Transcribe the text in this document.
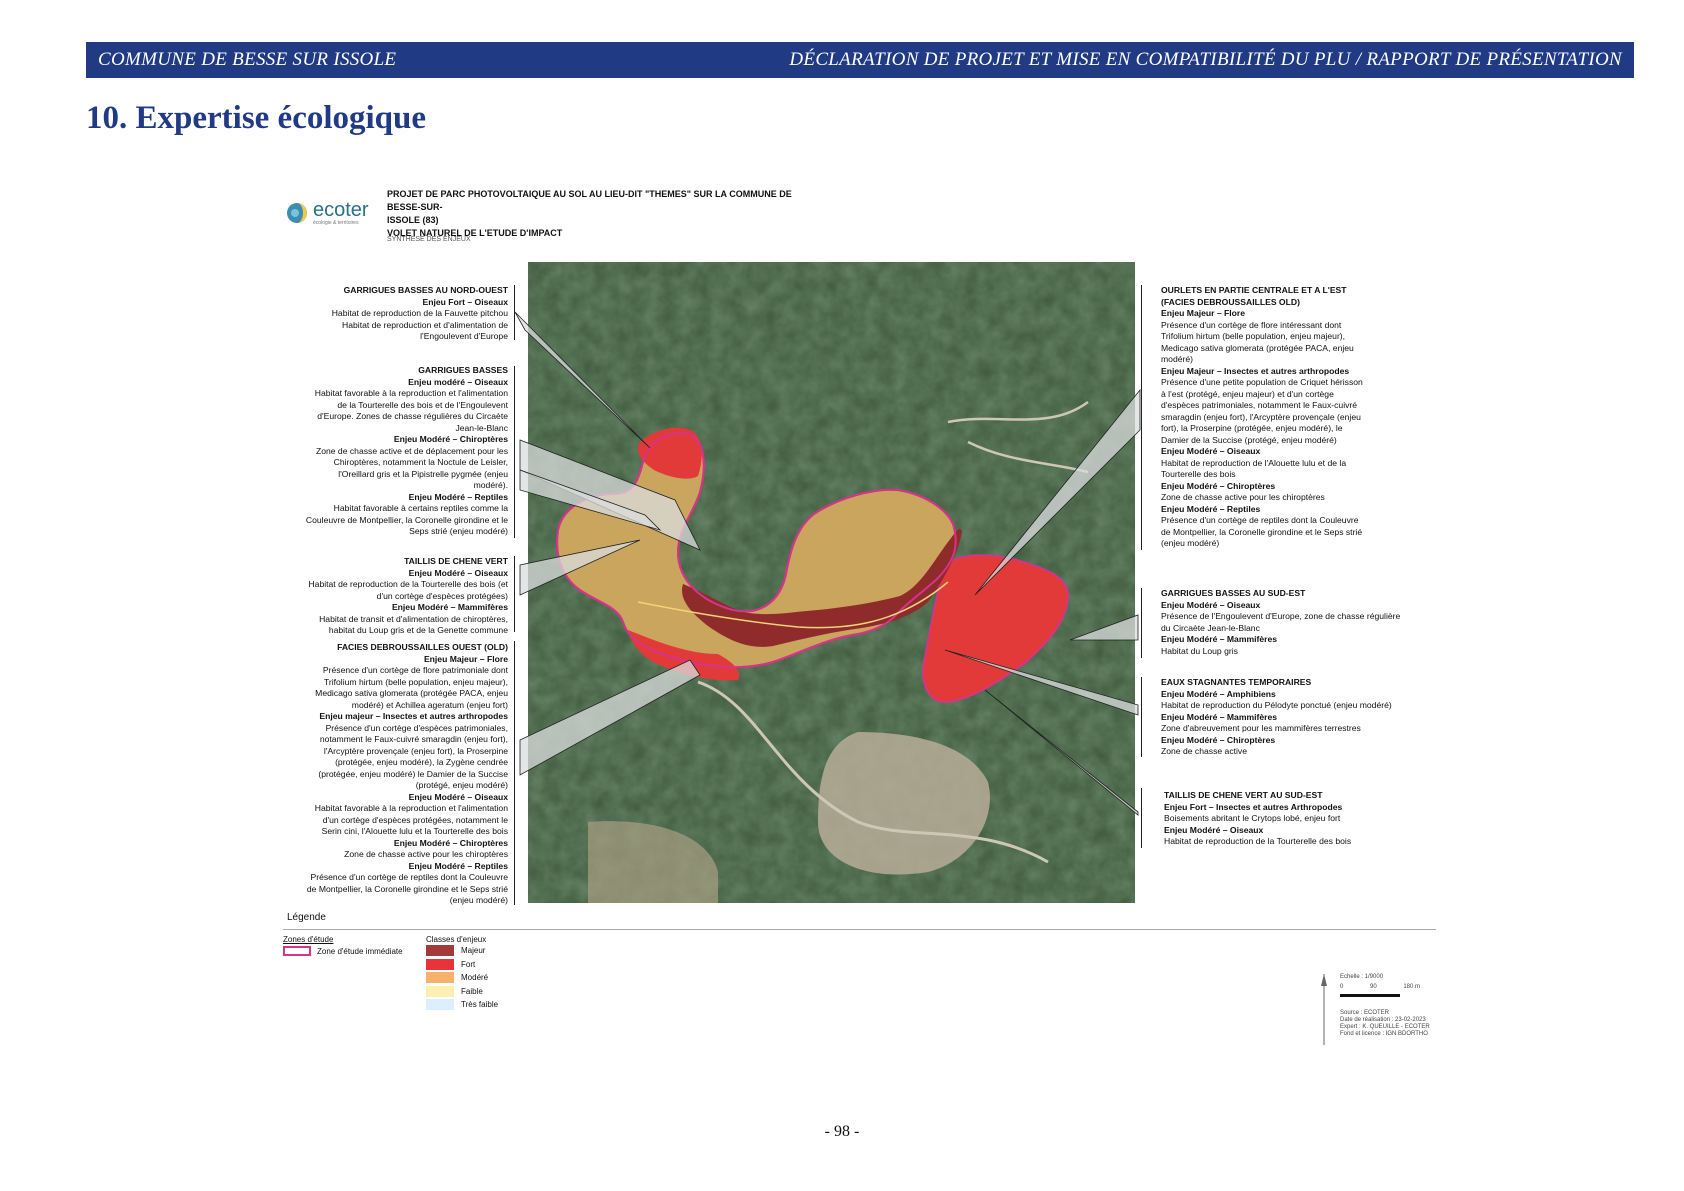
COMMUNE DE BESSE SUR ISSOLE	DÉCLARATION DE PROJET ET MISE EN COMPATIBILITÉ DU PLU / RAPPORT DE PRÉSENTATION
10. Expertise écologique
ecoter
écologie & territoires
PROJET DE PARC PHOTOVOLTAIQUE AU SOL AU LIEU-DIT "THEMES" SUR LA COMMUNE DE BESSE-SUR-
ISSOLE (83)
VOLET NATUREL DE L'ETUDE D'IMPACT
SYNTHESE DES ENJEUX
GARRIGUES BASSES AU NORD-OUEST
Enjeu Fort – Oiseaux
Habitat de reproduction de la Fauvette pitchou
Habitat de reproduction et d'alimentation de
l'Engoulevent d'Europe
GARRIGUES BASSES
Enjeu modéré – Oiseaux
Habitat favorable à la reproduction et l'alimentation
de la Tourterelle des bois et de l'Engoulevent
d'Europe. Zones de chasse régulières du Circaète
Jean-le-Blanc
Enjeu Modéré – Chiroptères
Zone de chasse active et de déplacement pour les
Chiroptères, notamment la Noctule de Leisler,
l'Oreillard gris et la Pipistrelle pygmée (enjeu
modéré).
Enjeu Modéré – Reptiles
Habitat favorable à certains reptiles comme la
Couleuvre de Montpellier, la Coronelle girondine et le
Seps strié (enjeu modéré)
TAILLIS DE CHENE VERT
Enjeu Modéré – Oiseaux
Habitat de reproduction de la Tourterelle des bois (et
d'un cortège d'espèces protégées)
Enjeu Modéré – Mammifères
Habitat de transit et d'alimentation de chiroptères,
habitat du Loup gris et de la Genette commune
FACIES DEBROUSSAILLES OUEST (OLD)
Enjeu Majeur – Flore
Présence d'un cortège de flore patrimoniale dont
Trifolium hirtum (belle population, enjeu majeur),
Medicago sativa glomerata (protégée PACA, enjeu
modéré) et Achillea ageratum (enjeu fort)
Enjeu majeur – Insectes et autres arthropodes
Présence d'un cortège d'espèces patrimoniales,
notamment le Faux-cuivré smaragdin (enjeu fort),
l'Arcyptère provençale (enjeu fort), la Proserpine
(protégée, enjeu modéré), la Zygène cendrée
(protégée, enjeu modéré) le Damier de la Succise
(protégé, enjeu modéré)
Enjeu Modéré – Oiseaux
Habitat favorable à la reproduction et l'alimentation
d'un cortège d'espèces protégées, notamment le
Serin cini, l'Alouette lulu et la Tourterelle des bois
Enjeu Modéré – Chiroptères
Zone de chasse active pour les chiroptères
Enjeu Modéré – Reptiles
Présence d'un cortège de reptiles dont la Couleuvre
de Montpellier, la Coronelle girondine et le Seps strié
(enjeu modéré)
OURLETS EN PARTIE CENTRALE ET A L'EST
(FACIES DEBROUSSAILLES OLD)
Enjeu Majeur – Flore
Présence d'un cortège de flore intéressant dont
Trifolium hirtum (belle population, enjeu majeur),
Medicago sativa glomerata (protégée PACA, enjeu
modéré)
Enjeu Majeur – Insectes et autres arthropodes
Présence d'une petite population de Criquet hérisson
à l'est (protégé, enjeu majeur) et d'un cortège
d'espèces patrimoniales, notamment le Faux-cuivré
smaragdin (enjeu fort), l'Arcyptère provençale (enjeu
fort), la Proserpine (protégée, enjeu modéré), le
Damier de la Succise (protégé, enjeu modéré)
Enjeu Modéré – Oiseaux
Habitat de reproduction de l'Alouette lulu et de la
Tourterelle des bois
Enjeu Modéré – Chiroptères
Zone de chasse active pour les chiroptères
Enjeu Modéré – Reptiles
Présence d'un cortège de reptiles dont la Couleuvre
de Montpellier, la Coronelle girondine et le Seps strié
(enjeu modéré)
GARRIGUES BASSES AU SUD-EST
Enjeu Modéré – Oiseaux
Présence de l'Engoulevent d'Europe, zone de chasse régulière
du Circaète Jean-le-Blanc
Enjeu Modéré – Mammifères
Habitat du Loup gris
EAUX STAGNANTES TEMPORAIRES
Enjeu Modéré – Amphibiens
Habitat de reproduction du Pélodyte ponctué (enjeu modéré)
Enjeu Modéré – Mammifères
Zone d'abreuvement pour les mammifères terrestres
Enjeu Modéré – Chiroptères
Zone de chasse active
TAILLIS DE CHENE VERT AU SUD-EST
Enjeu Fort – Insectes et autres Arthropodes
Boisements abritant le Crytops lobé, enjeu fort
Enjeu Modéré – Oiseaux
Habitat de reproduction de la Tourterelle des bois
Légende
Zones d'étude
Zone d'étude immédiate
Classes d'enjeux
Majeur
Fort
Modéré
Faible
Très faible
Echelle : 1/9000
0	90	180 m
Source : ECOTER
Date de réalisation : 23-02-2023
Expert : K. QUEUILLE - ECOTER
Fond et licence : IGN BDORTHO
- 98 -
